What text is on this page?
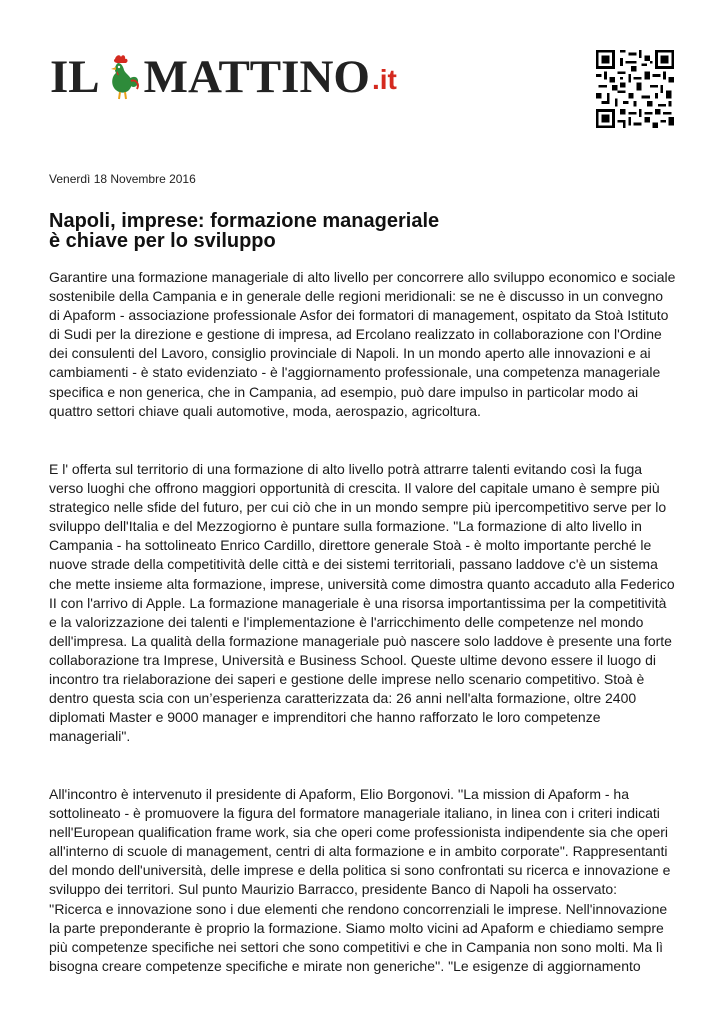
IL MATTINO .it
Venerdì 18 Novembre 2016
Napoli, imprese: formazione manageriale
è chiave per lo sviluppo
Garantire una formazione manageriale di alto livello per concorrere allo sviluppo economico e sociale
sostenibile della Campania e in generale delle regioni meridionali: se ne è discusso in un convegno
di Apaform - associazione professionale Asfor dei formatori di management, ospitato da Stoà Istituto
di Sudi per la direzione e gestione di impresa, ad Ercolano realizzato in collaborazione con l'Ordine
dei consulenti del Lavoro, consiglio provinciale di Napoli. In un mondo aperto alle innovazioni e ai
cambiamenti - è stato evidenziato - è l'aggiornamento professionale, una competenza manageriale
specifica e non generica, che in Campania, ad esempio, può dare impulso in particolar modo ai
quattro settori chiave quali automotive, moda, aerospazio, agricoltura.
E l' offerta sul territorio di una formazione di alto livello potrà attrarre talenti evitando così la fuga
verso luoghi che offrono maggiori opportunità di crescita. Il valore del capitale umano è sempre più
strategico nelle sfide del futuro, per cui ciò che in un mondo sempre più ipercompetitivo serve per lo
sviluppo dell'Italia e del Mezzogiorno è puntare sulla formazione. "La formazione di alto livello in
Campania - ha sottolineato Enrico Cardillo, direttore generale Stoà - è molto importante perché le
nuove strade della competitività delle città e dei sistemi territoriali, passano laddove c'è un sistema
che mette insieme alta formazione, imprese, università come dimostra quanto accaduto alla Federico
II con l'arrivo di Apple. La formazione manageriale è una risorsa importantissima per la competitività
e la valorizzazione dei talenti e l'implementazione è l'arricchimento delle competenze nel mondo
dell'impresa. La qualità della formazione manageriale può nascere solo laddove è presente una forte
collaborazione tra Imprese, Università e Business School. Queste ultime devono essere il luogo di
incontro tra rielaborazione dei saperi e gestione delle imprese nello scenario competitivo. Stoà è
dentro questa scia con un’esperienza caratterizzata da: 26 anni nell'alta formazione, oltre 2400
diplomati Master e 9000 manager e imprenditori che hanno rafforzato le loro competenze
manageriali".
All'incontro è intervenuto il presidente di Apaform, Elio Borgonovi. ''La mission di Apaform - ha
sottolineato - è promuovere la figura del formatore manageriale italiano, in linea con i criteri indicati
nell'European qualification frame work, sia che operi come professionista indipendente sia che operi
all'interno di scuole di management, centri di alta formazione e in ambito corporate". Rappresentanti
del mondo dell'università, delle imprese e della politica si sono confrontati su ricerca e innovazione e
sviluppo dei territori. Sul punto Maurizio Barracco, presidente Banco di Napoli ha osservato:
''Ricerca e innovazione sono i due elementi che rendono concorrenziali le imprese. Nell'innovazione
la parte preponderante è proprio la formazione. Siamo molto vicini ad Apaform e chiediamo sempre
più competenze specifiche nei settori che sono competitivi e che in Campania non sono molti. Ma lì
bisogna creare competenze specifiche e mirate non generiche''. "Le esigenze di aggiornamento
